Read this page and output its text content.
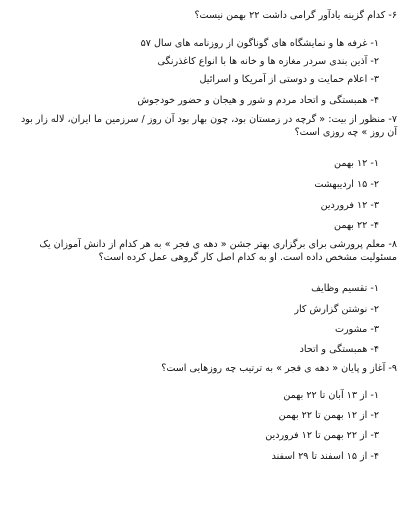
۶- کدام گزینه یادآور گرامی داشت ۲۲ بهمن نیست؟
۱- غرفه ها و نمایشگاه های گوناگون از روزنامه های سال ۵۷
۲- آذین بندی سردر مغازه ها و خانه ها با انواع کاغذرنگی
۳- اعلام حمایت و دوستی از آمریکا و اسرائیل
۴- همبستگی و اتحاد مردم و شور و هیجان و حضور خودجوش
۷- منظور از بیت: « گرچه در زمستان بود، چون بهار بود آن روز / سرزمین ما ایران، لاله زار بود آن روز » چه روزی است؟
۱- ۱۲ بهمن
۲- ۱۵ اردیبهشت
۳- ۱۲ فروردین
۴- ۲۲ بهمن
۸- معلم پرورشی برای برگزاری بهتر جشن « دهه ی فجر » به هر کدام از دانش آموزان یک مسئولیت مشخص داده است. او به کدام اصل کار گروهی عمل کرده است؟
۱- تقسیم وظایف
۲- نوشتن گزارش کار
۳- مشورت
۴- همبستگی و اتحاد
۹- آغاز و پایان « دهه ی فجر » به ترتیب چه روزهایی است؟
۱- از ۱۳ آبان تا ۲۲ بهمن
۲- از ۱۲ بهمن تا ۲۲ بهمن
۳- از ۲۲ بهمن تا ۱۲ فروردین
۴- از ۱۵ اسفند تا ۲۹ اسفند
